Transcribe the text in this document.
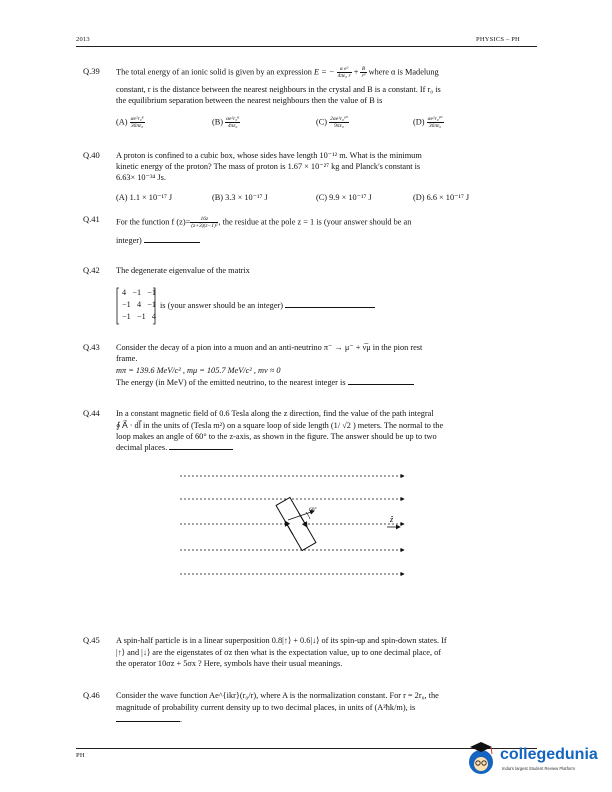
2013	PHYSICS – PH
Q.39 The total energy of an ionic solid is given by an expression E = − $\frac{\text{α e²}}{\text{4πε₀ r}} + \frac{B}{\text{r⁹}}$ where α is Madelung
constant, r is the distance between the nearest neighbours in the crystal and B is a constant. If r₀ is
the equilibrium separation between the nearest neighbours then the value of B is
$(A) \frac{\text{αe²r₀⁸}}{\text{36πε₀}}$	$(B) \frac{\text{αe²r₀⁸}}{\text{4πε₀}}$	$(C) \frac{\text{2αe²r₀¹⁰}}{\text{9πε₀}}$	$(D) \frac{\text{αe²r₀¹⁰}}{\text{36πε₀}}$
Q.40 A proton is confined to a cubic box, whose sides have length 10⁻¹² m. What is the minimum
kinetic energy of the proton? The mass of proton is 1.67 × 10⁻²⁷ kg and Planck's constant is
6.63× 10⁻³⁴ Js.
(A) 1.1 × 10⁻¹⁷ J	(B) 3.3 × 10⁻¹⁷ J	(C) 9.9 × 10⁻¹⁷ J	(D) 6.6 × 10⁻¹⁷ J
Q.41 For the function f $(z)= \frac{16z}{\text{(z+3)(z−1)²}}$ , the residue at the pole z = 1 is (your answer should be an
integer)
Q.42 The degenerate eigenvalue of the matrix
4 −1 −1
−1 4 −1
−1 −1 4
is (your answer should be an integer)
Q.43 Consider the decay of a pion into a muon and an anti-neutrino π⁻ → μ⁻ + ν̅μ in the pion rest
frame.
mπ = 139.6 MeV/c² , mμ = 105.7 MeV/c² , mν ≈ 0
The energy (in MeV) of the emitted neutrino, to the nearest integer is
Q.44 In a constant magnetic field of 0.6 Tesla along the z direction, find the value of the path integral
∮ A⃗ · dl⃗ in the units of (Tesla m²) on a square loop of side length (1/ √2 ) meters. The normal to the
loop makes an angle of 60° to the z-axis, as shown in the figure. The answer should be up to two
decimal places.
60°
ẑ
Q.45 A spin-half particle is in a linear superposition 0.8|↑⟩ + 0.6|↓⟩ of its spin-up and spin-down states. If
|↑⟩ and |↓⟩ are the eigenstates of σz then what is the expectation value, up to one decimal place, of
the operator 10σz + 5σx ? Here, symbols have their usual meanings.
Q.46 Consider the wave function Ae^{ikr}(r₀/r), where A is the normalization constant. For r = 2r₀, the
magnitude of probability current density up to two decimal places, in units of (A²ħk/m), is
.
PH	collegedunia
India's largest Student Review Platform
